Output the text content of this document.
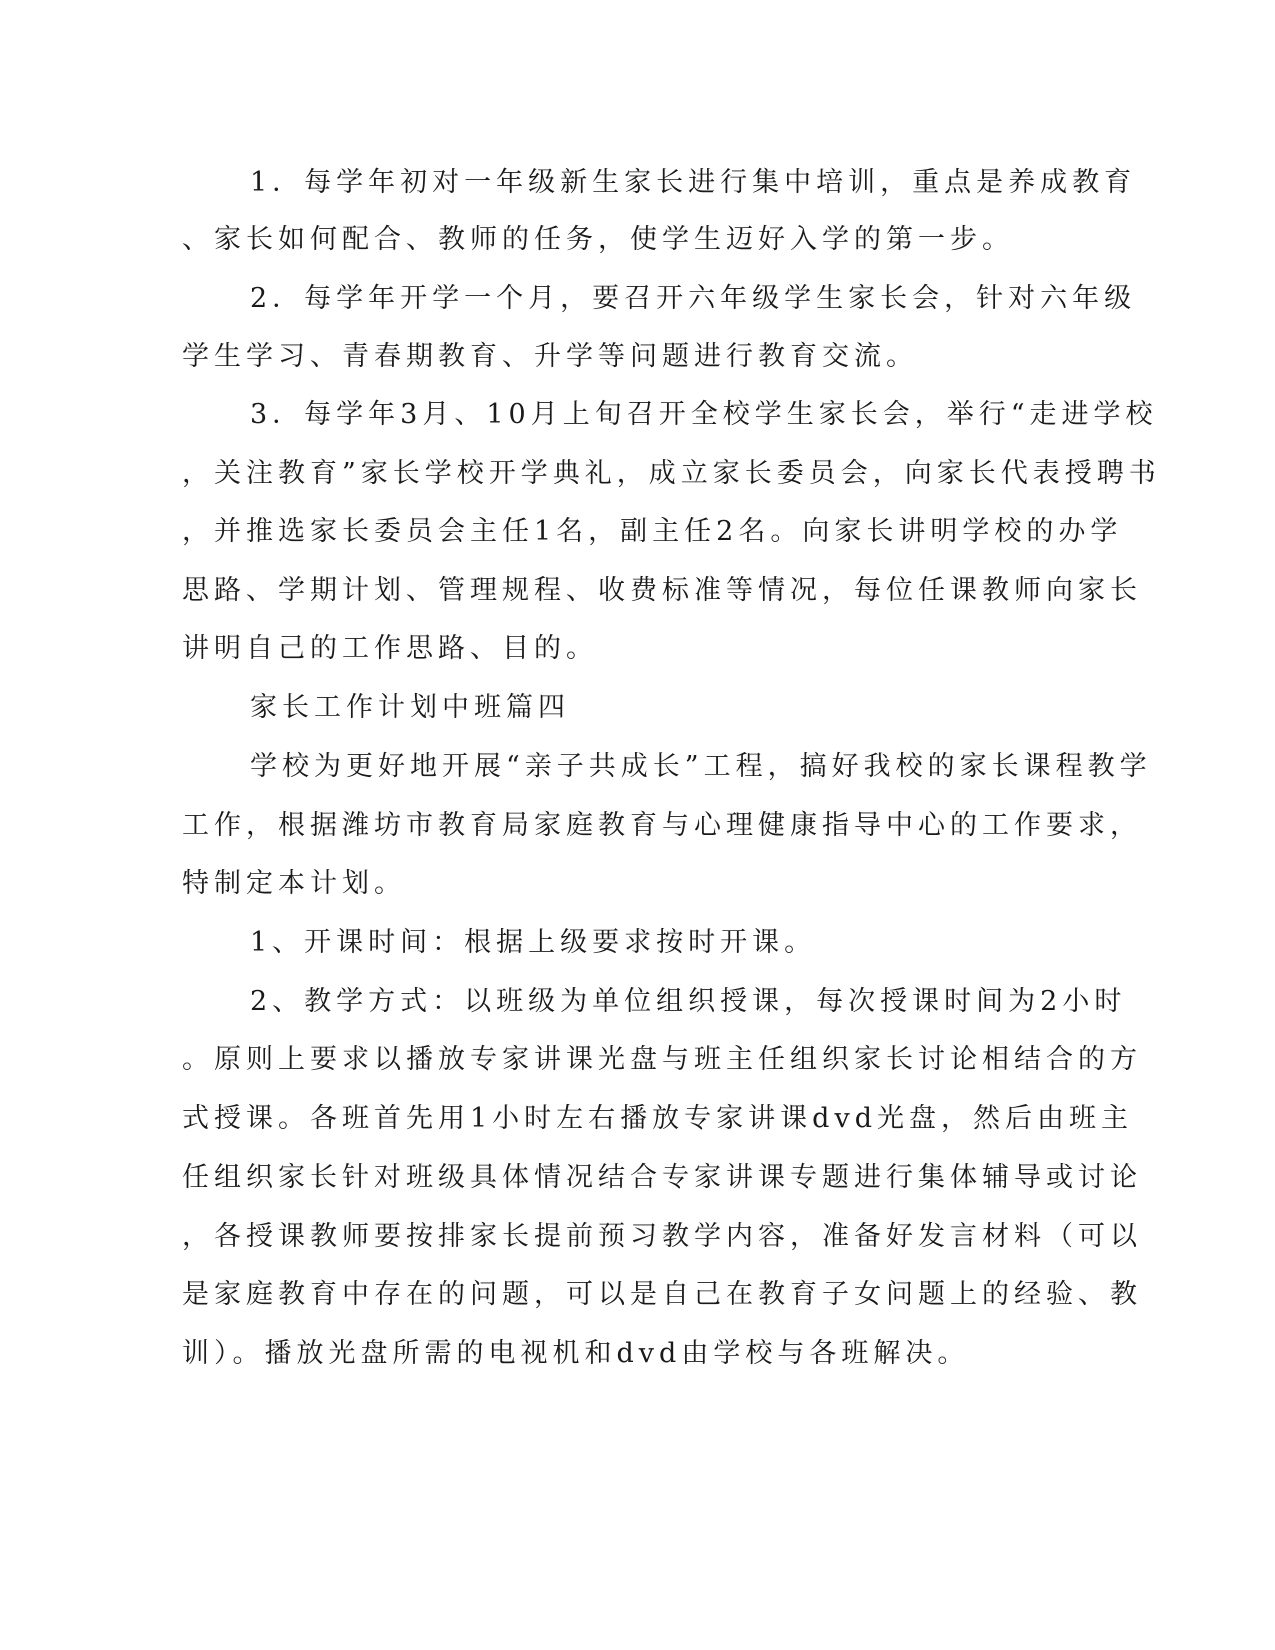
1．每学年初对一年级新生家长进行集中培训，重点是养成教育
、家长如何配合、教师的任务，使学生迈好入学的第一步。
2．每学年开学一个月，要召开六年级学生家长会，针对六年级
学生学习、青春期教育、升学等问题进行教育交流。
3．每学年3月、10月上旬召开全校学生家长会，举行“走进学校
，关注教育”家长学校开学典礼，成立家长委员会，向家长代表授聘书
，并推选家长委员会主任1名，副主任2名。向家长讲明学校的办学
思路、学期计划、管理规程、收费标准等情况，每位任课教师向家长
讲明自己的工作思路、目的。
家长工作计划中班篇四
学校为更好地开展“亲子共成长”工程，搞好我校的家长课程教学
工作，根据潍坊市教育局家庭教育与心理健康指导中心的工作要求，
特制定本计划。
1、开课时间：根据上级要求按时开课。
2、教学方式：以班级为单位组织授课，每次授课时间为2小时
。原则上要求以播放专家讲课光盘与班主任组织家长讨论相结合的方
式授课。各班首先用1小时左右播放专家讲课dvd光盘，然后由班主
任组织家长针对班级具体情况结合专家讲课专题进行集体辅导或讨论
，各授课教师要按排家长提前预习教学内容，准备好发言材料（可以
是家庭教育中存在的问题，可以是自己在教育子女问题上的经验、教
训）。播放光盘所需的电视机和dvd由学校与各班解决。
